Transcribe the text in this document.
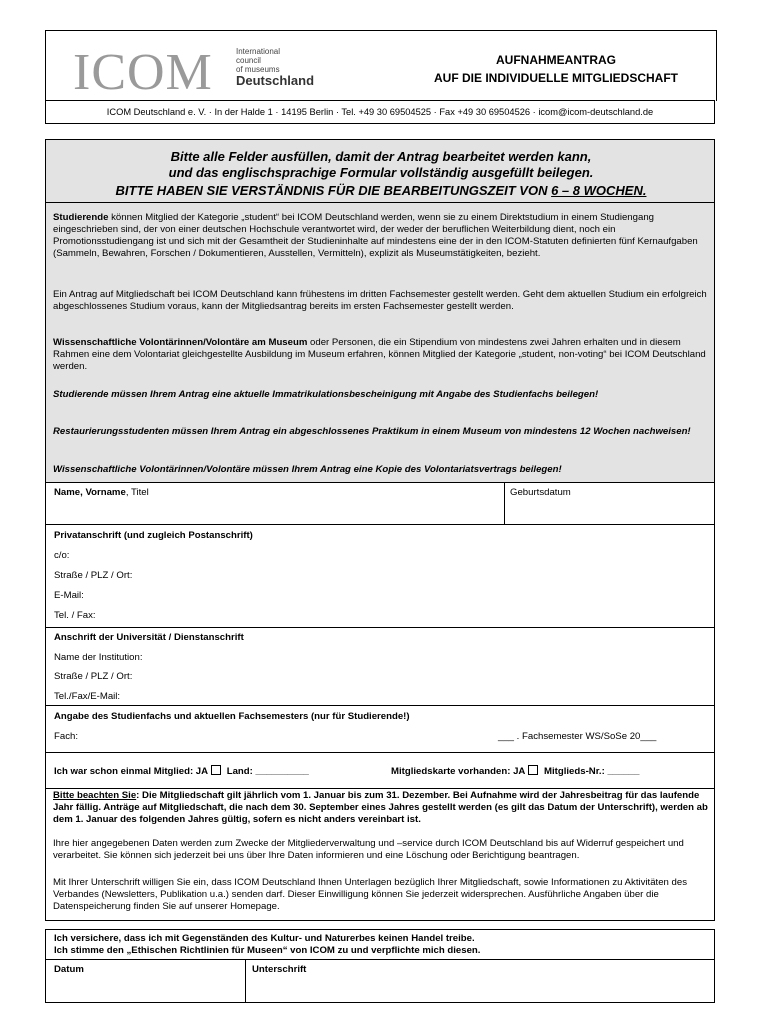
ICOM	International
council
of museums
Deutschland
AUFNAHMEANTRAG
AUF DIE INDIVIDUELLE MITGLIEDSCHAFT
ICOM Deutschland e. V. · In der Halde 1 · 14195 Berlin · Tel. +49 30 69504525 · Fax +49 30 69504526 · icom@icom-deutschland.de
Bitte alle Felder ausfüllen, damit der Antrag bearbeitet werden kann,
und das englischsprachige Formular vollständig ausgefüllt beilegen.
BITTE HABEN SIE VERSTÄNDNIS FÜR DIE BEARBEITUNGSZEIT VON 6 – 8 WOCHEN.
Studierende können Mitglied der Kategorie „student“ bei ICOM Deutschland werden, wenn sie zu einem Direktstudium in einem Studiengang eingeschrieben sind, der von einer deutschen Hochschule verantwortet wird, der weder der beruflichen Weiterbildung dient, noch ein Promotionsstudiengang ist und sich mit der Gesamtheit der Studieninhalte auf mindestens eine der in den ICOM-Statuten definierten fünf Kernaufgaben (Sammeln, Bewahren, Forschen / Dokumentieren, Ausstellen, Vermitteln), explizit als Museumstätigkeiten, bezieht.
Ein Antrag auf Mitgliedschaft bei ICOM Deutschland kann frühestens im dritten Fachsemester gestellt werden. Geht dem aktuellen Studium ein erfolgreich abgeschlossenes Studium voraus, kann der Mitgliedsantrag bereits im ersten Fachsemester gestellt werden.
Wissenschaftliche Volontärinnen/Volontäre am Museum oder Personen, die ein Stipendium von mindestens zwei Jahren erhalten und in diesem Rahmen eine dem Volontariat gleichgestellte Ausbildung im Museum erfahren, können Mitglied der Kategorie „student, non-voting“ bei ICOM Deutschland werden.
Studierende müssen Ihrem Antrag eine aktuelle Immatrikulationsbescheinigung mit Angabe des Studienfachs beilegen!
Restaurierungsstudenten müssen Ihrem Antrag ein abgeschlossenes Praktikum in einem Museum von mindestens 12 Wochen nachweisen!
Wissenschaftliche Volontärinnen/Volontäre müssen Ihrem Antrag eine Kopie des Volontariatsvertrags beilegen!
Name, Vorname, Titel	Geburtsdatum
Privatanschrift (und zugleich Postanschrift)
c/o:
Straße / PLZ / Ort:
E-Mail:
Tel. / Fax:
Anschrift der Universität / Dienstanschrift
Name der Institution:
Straße / PLZ / Ort:
Tel./Fax/E-Mail:
Angabe des Studienfachs und aktuellen Fachsemesters (nur für Studierende!)
Fach:	___ . Fachsemester WS/SoSe 20___
Ich war schon einmal Mitglied: JA Land: __________	Mitgliedskarte vorhanden: JA Mitglieds-Nr.: ______
Bitte beachten Sie: Die Mitgliedschaft gilt jährlich vom 1. Januar bis zum 31. Dezember. Bei Aufnahme wird der Jahresbeitrag für das laufende Jahr fällig. Anträge auf Mitgliedschaft, die nach dem 30. September eines Jahres gestellt werden (es gilt das Datum der Unterschrift), werden ab dem 1. Januar des folgenden Jahres gültig, sofern es nicht anders vereinbart ist.
Ihre hier angegebenen Daten werden zum Zwecke der Mitgliederverwaltung und –service durch ICOM Deutschland bis auf Widerruf gespeichert und verarbeitet. Sie können sich jederzeit bei uns über Ihre Daten informieren und eine Löschung oder Berichtigung beantragen.
Mit Ihrer Unterschrift willigen Sie ein, dass ICOM Deutschland Ihnen Unterlagen bezüglich Ihrer Mitgliedschaft, sowie Informationen zu Aktivitäten des Verbandes (Newsletters, Publikation u.a.) senden darf. Dieser Einwilligung können Sie jederzeit widersprechen. Ausführliche Angaben über die Datenspeicherung finden Sie auf unserer Homepage.
Ich versichere, dass ich mit Gegenständen des Kultur- und Naturerbes keinen Handel treibe.
Ich stimme den „Ethischen Richtlinien für Museen“ von ICOM zu und verpflichte mich diesen.
Datum	Unterschrift
